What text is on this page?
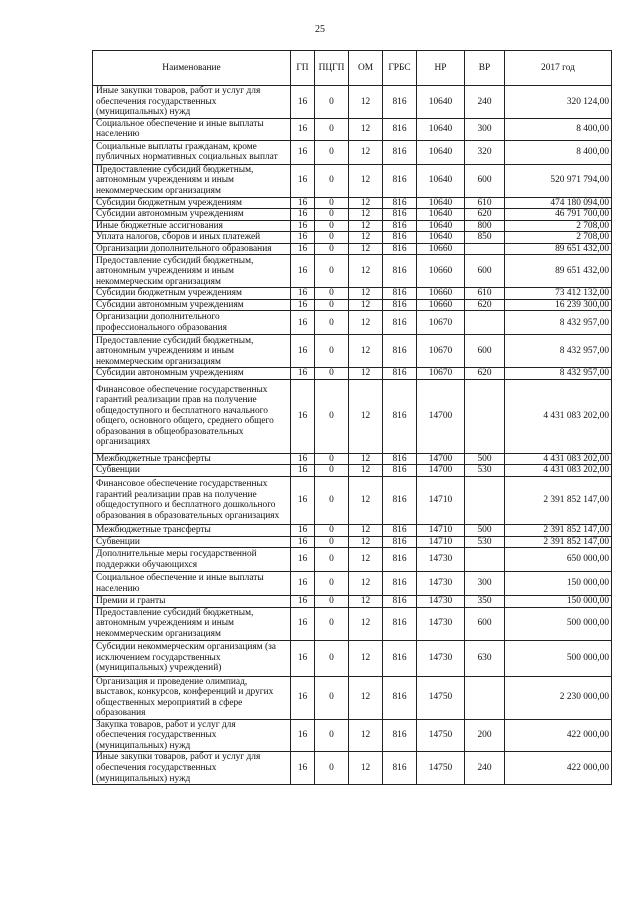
25
Наименование	ГП	ПЦГП	ОМ	ГРБС	НР	ВР	2017 год
Иные закупки товаров, работ и услуг для обеспечения государственных (муниципальных) нужд	16	0	12	816	10640	240	320 124,00
Социальное обеспечение и иные выплаты населению	16	0	12	816	10640	300	8 400,00
Социальные выплаты гражданам, кроме публичных нормативных социальных выплат	16	0	12	816	10640	320	8 400,00
Предоставление субсидий бюджетным, автономным учреждениям и иным некоммерческим организациям	16	0	12	816	10640	600	520 971 794,00
Субсидии бюджетным учреждениям	16	0	12	816	10640	610	474 180 094,00
Субсидии автономным учреждениям	16	0	12	816	10640	620	46 791 700,00
Иные бюджетные ассигнования	16	0	12	816	10640	800	2 708,00
Уплата налогов, сборов и иных платежей	16	0	12	816	10640	850	2 708,00
Организации дополнительного образования	16	0	12	816	10660		89 651 432,00
Предоставление субсидий бюджетным, автономным учреждениям и иным некоммерческим организациям	16	0	12	816	10660	600	89 651 432,00
Субсидии бюджетным учреждениям	16	0	12	816	10660	610	73 412 132,00
Субсидии автономным учреждениям	16	0	12	816	10660	620	16 239 300,00
Организации дополнительного профессионального образования	16	0	12	816	10670		8 432 957,00
Предоставление субсидий бюджетным, автономным учреждениям и иным некоммерческим организациям	16	0	12	816	10670	600	8 432 957,00
Субсидии автономным учреждениям	16	0	12	816	10670	620	8 432 957,00
Финансовое обеспечение государственных гарантий реализации прав на получение общедоступного и бесплатного начального общего, основного общего, среднего общего образования в общеобразовательных организациях	16	0	12	816	14700		4 431 083 202,00
Межбюджетные трансферты	16	0	12	816	14700	500	4 431 083 202,00
Субвенции	16	0	12	816	14700	530	4 431 083 202,00
Финансовое обеспечение государственных гарантий реализации прав на получение общедоступного и бесплатного дошкольного образования в образовательных организациях	16	0	12	816	14710		2 391 852 147,00
Межбюджетные трансферты	16	0	12	816	14710	500	2 391 852 147,00
Субвенции	16	0	12	816	14710	530	2 391 852 147,00
Дополнительные меры государственной поддержки обучающихся	16	0	12	816	14730		650 000,00
Социальное обеспечение и иные выплаты населению	16	0	12	816	14730	300	150 000,00
Премии и гранты	16	0	12	816	14730	350	150 000,00
Предоставление субсидий бюджетным, автономным учреждениям и иным некоммерческим организациям	16	0	12	816	14730	600	500 000,00
Субсидии некоммерческим организациям (за исключением государственных (муниципальных) учреждений)	16	0	12	816	14730	630	500 000,00
Организация и проведение олимпиад, выставок, конкурсов, конференций и других общественных мероприятий в сфере образования	16	0	12	816	14750		2 230 000,00
Закупка товаров, работ и услуг для обеспечения государственных (муниципальных) нужд	16	0	12	816	14750	200	422 000,00
Иные закупки товаров, работ и услуг для обеспечения государственных (муниципальных) нужд	16	0	12	816	14750	240	422 000,00
